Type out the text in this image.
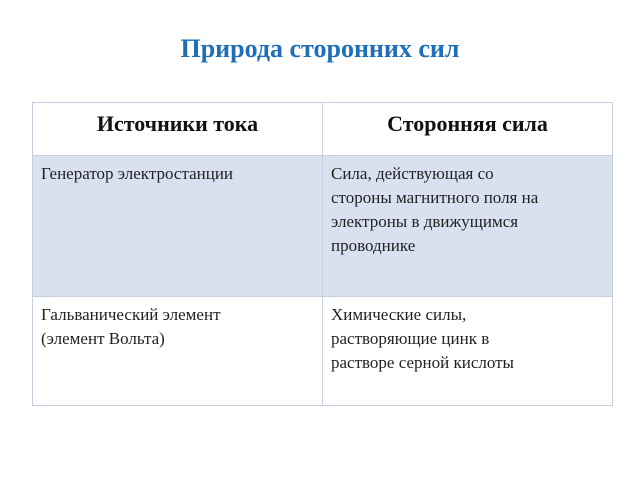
Природа сторонних сил
Источники тока	Сторонняя сила

Генератор электростанции	Сила, действующая со
стороны магнитного поля на
электроны в движущимся
проводнике

Гальванический элемент
(элемент Вольта)	Химические силы,
растворяющие цинк в
растворе серной кислоты
